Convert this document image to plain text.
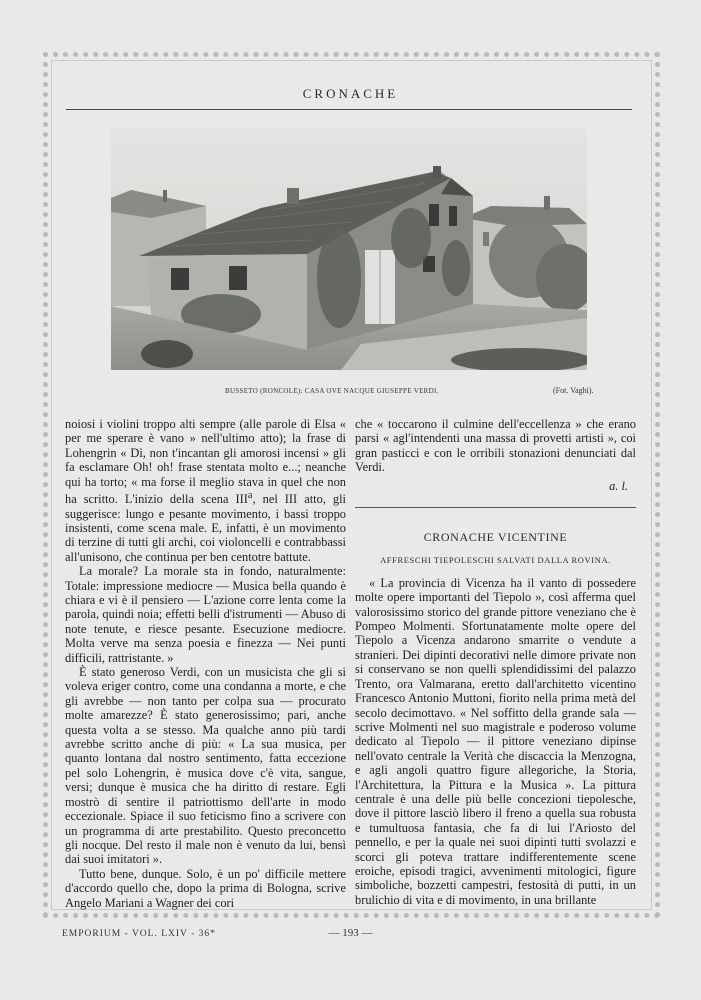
CRONACHE
BUSSETO (RONCOLE): CASA OVE NACQUE GIUSEPPE VERDI.	(Fot. Vaghi).

noiosi i violini troppo alti sempre (alle parole di Elsa « per me sperare è vano » nell'ultimo atto); la frase di Lohengrin « Dì, non t'incantan gli amorosi incensi » gli fa esclamare Oh! oh! frase stentata molto e...; neanche qui ha torto; « ma forse il meglio stava in quel che non ha scritto. L'inizio della scena III$^a$, nel III atto, gli suggerisce: lungo e pesante movimento, i bassi troppo insistenti, come scena male. E, infatti, è un movimento di terzine di tutti gli archi, coi violoncelli e contrabbassi all'unisono, che continua per ben centotre battute.

La morale? La morale sta in fondo, naturalmente: Totale: impressione mediocre — Musica bella quando è chiara e vi è il pensiero — L'azione corre lenta come la parola, quindi noia; effetti belli d'istrumenti — Abuso di note tenute, e riesce pesante. Esecuzione mediocre. Molta verve ma senza poesia e finezza — Nei punti difficili, rattristante. »

È stato generoso Verdi, con un musicista che gli si voleva eriger contro, come una condanna a morte, e che gli avrebbe — non tanto per colpa sua — procurato molte amarezze? È stato generosissimo; pari, anche questa volta a se stesso. Ma qualche anno più tardi avrebbe scritto anche di più: « La sua musica, per quanto lontana dal nostro sentimento, fatta eccezione pel solo Lohengrin, è musica dove c'è vita, sangue, versi; dunque è musica che ha diritto di restare. Egli mostrò di sentire il patriottismo dell'arte in modo eccezionale. Spiace il suo feticismo fino a scrivere con un programma di arte prestabilito. Questo preconcetto gli nocque. Del resto il male non è venuto da lui, bensì dai suoi imitatori ».

Tutto bene, dunque. Solo, è un po' difficile mettere d'accordo quello che, dopo la prima di Bologna, scrive Angelo Mariani a Wagner dei cori

che « toccarono il culmine dell'eccellenza » che erano parsi « agl'intendenti una massa di provetti artisti », coi gran pasticci e con le orribili stonazioni denunciati dal Verdi.

a. l.
CRONACHE VICENTINE
AFFRESCHI TIEPOLESCHI SALVATI DALLA ROVINA.

« La provincia di Vicenza ha il vanto di possedere molte opere importanti del Tiepolo », così afferma quel valorosissimo storico del grande pittore veneziano che è Pompeo Molmenti. Sfortunatamente molte opere del Tiepolo a Vicenza andarono smarrite o vendute a stranieri. Dei dipinti decorativi nelle dimore private non si conservano se non quelli splendidissimi del palazzo Trento, ora Valmarana, eretto dall'architetto vicentino Francesco Antonio Muttoni, fiorito nella prima metà del secolo decimottavo. « Nel soffitto della grande sala — scrive Molmenti nel suo magistrale e poderoso volume dedicato al Tiepolo — il pittore veneziano dipinse nell'ovato centrale la Verità che discaccia la Menzogna, e agli angoli quattro figure allegoriche, la Storia, l'Architettura, la Pittura e la Musica ». La pittura centrale è una delle più belle concezioni tiepolesche, dove il pittore lasciò libero il freno a quella sua robusta e tumultuosa fantasia, che fa di lui l'Ariosto del pennello, e per la quale nei suoi dipinti tutti svolazzi e scorci gli poteva trattare indifferentemente scene eroiche, episodi tragici, avvenimenti mitologici, figure simboliche, bozzetti campestri, festosità di putti, in un brulichio di vita e di movimento, in una brillante

EMPORIUM - VOL. LXIV - 36*	— 193 —
